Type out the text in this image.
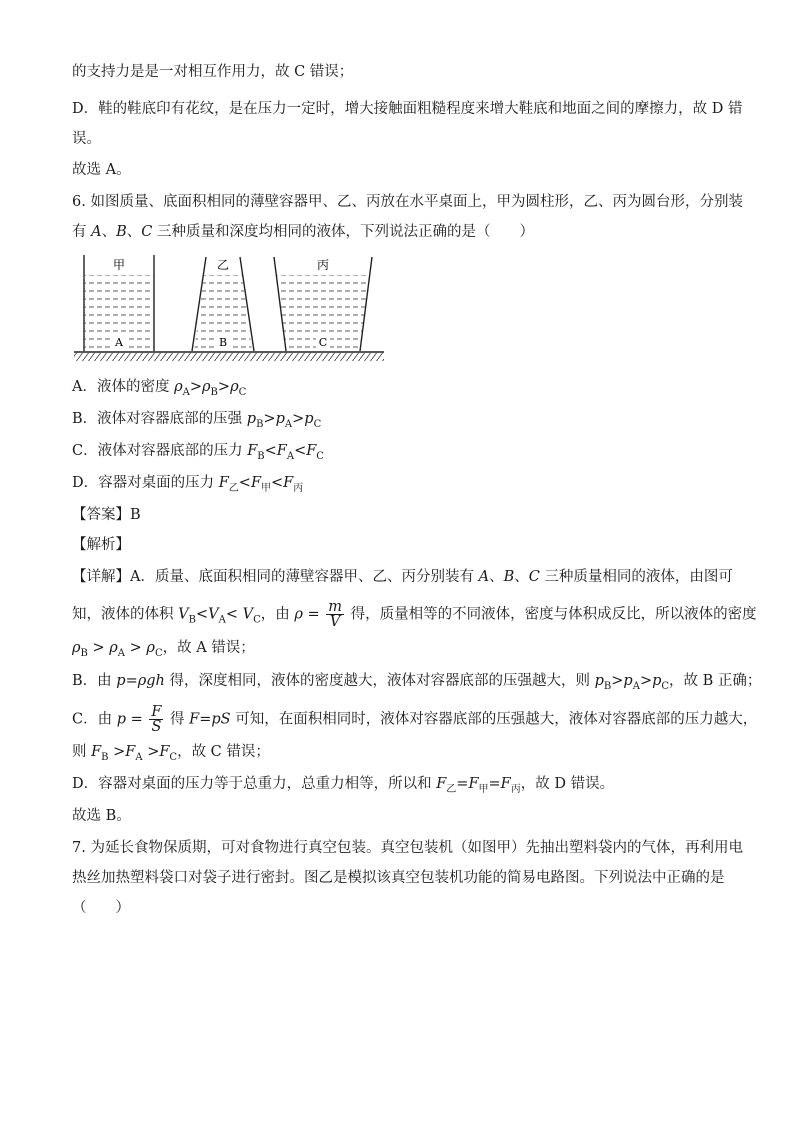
的支持力是是一对相互作用力，故 C 错误；
D．鞋的鞋底印有花纹，是在压力一定时，增大接触面粗糙程度来增大鞋底和地面之间的摩擦力，故 D 错
误。
故选 A。
6. 如图质量、底面积相同的薄壁容器甲、乙、丙放在水平桌面上，甲为圆柱形，乙、丙为圆台形，分别装
有 A、B、C 三种质量和深度均相同的液体，下列说法正确的是（　　）
甲	乙	丙
A	B	C
A．液体的密度 $\rho_A>\rho_B>\rho_C$
B．液体对容器底部的压强 $p_B>p_A>p_C$
C．液体对容器底部的压力 $F_B<F_A<F_C$
D．容器对桌面的压力 $F_乙<F_甲<F_丙$
【答案】B
【解析】
【详解】A．质量、底面积相同的薄壁容器甲、乙、丙分别装有 A、B、C 三种质量相同的液体，由图可
知，液体的体积 $V_B<V_A< V_C$，由 $\rho = \frac{m}{V}$ 得，质量相等的不同液体，密度与体积成反比，所以液体的密度
$\rho_B > \rho_A > \rho_C$，故 A 错误；
B．由 p=ρgh 得，深度相同，液体的密度越大，液体对容器底部的压强越大，则 $p_B>p_A>p_C$，故 B 正确；
C．由 $p = \frac{F}{S}$ 得 F=pS 可知，在面积相同时，液体对容器底部的压强越大，液体对容器底部的压力越大，
则 $F_B >F_A >F_C$，故 C 错误；
D．容器对桌面的压力等于总重力，总重力相等，所以和 $F_乙=F_甲=F_丙$，故 D 错误。
故选 B。
7. 为延长食物保质期，可对食物进行真空包装。真空包装机（如图甲）先抽出塑料袋内的气体，再利用电
热丝加热塑料袋口对袋子进行密封。图乙是模拟该真空包装机功能的简易电路图。下列说法中正确的是
（　　）
